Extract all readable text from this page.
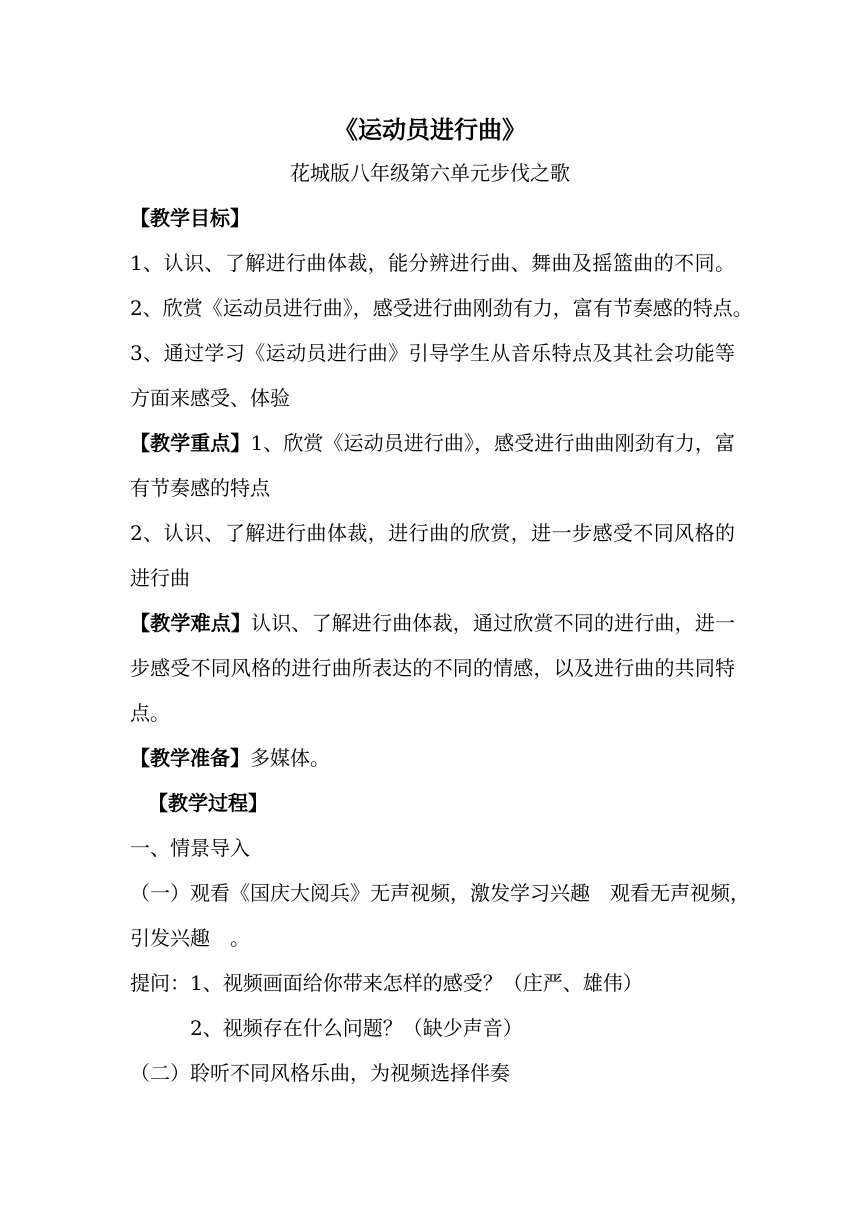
《运动员进行曲》
花城版八年级第六单元步伐之歌
【教学目标】
1、认识、了解进行曲体裁，能分辨进行曲、舞曲及摇篮曲的不同。
2、欣赏《运动员进行曲》，感受进行曲刚劲有力，富有节奏感的特点。
3、通过学习《运动员进行曲》引导学生从音乐特点及其社会功能等
方面来感受、体验
【教学重点】1、欣赏《运动员进行曲》，感受进行曲曲刚劲有力，富
有节奏感的特点
2、认识、了解进行曲体裁，进行曲的欣赏，进一步感受不同风格的
进行曲
【教学难点】认识、了解进行曲体裁，通过欣赏不同的进行曲，进一
步感受不同风格的进行曲所表达的不同的情感，以及进行曲的共同特
点。
【教学准备】多媒体。
【教学过程】
一、情景导入
（一）观看《国庆大阅兵》无声视频，激发学习兴趣　观看无声视频，
引发兴趣　。
提问：1、视频画面给你带来怎样的感受？（庄严、雄伟）
2、视频存在什么问题？（缺少声音）
（二）聆听不同风格乐曲，为视频选择伴奏
